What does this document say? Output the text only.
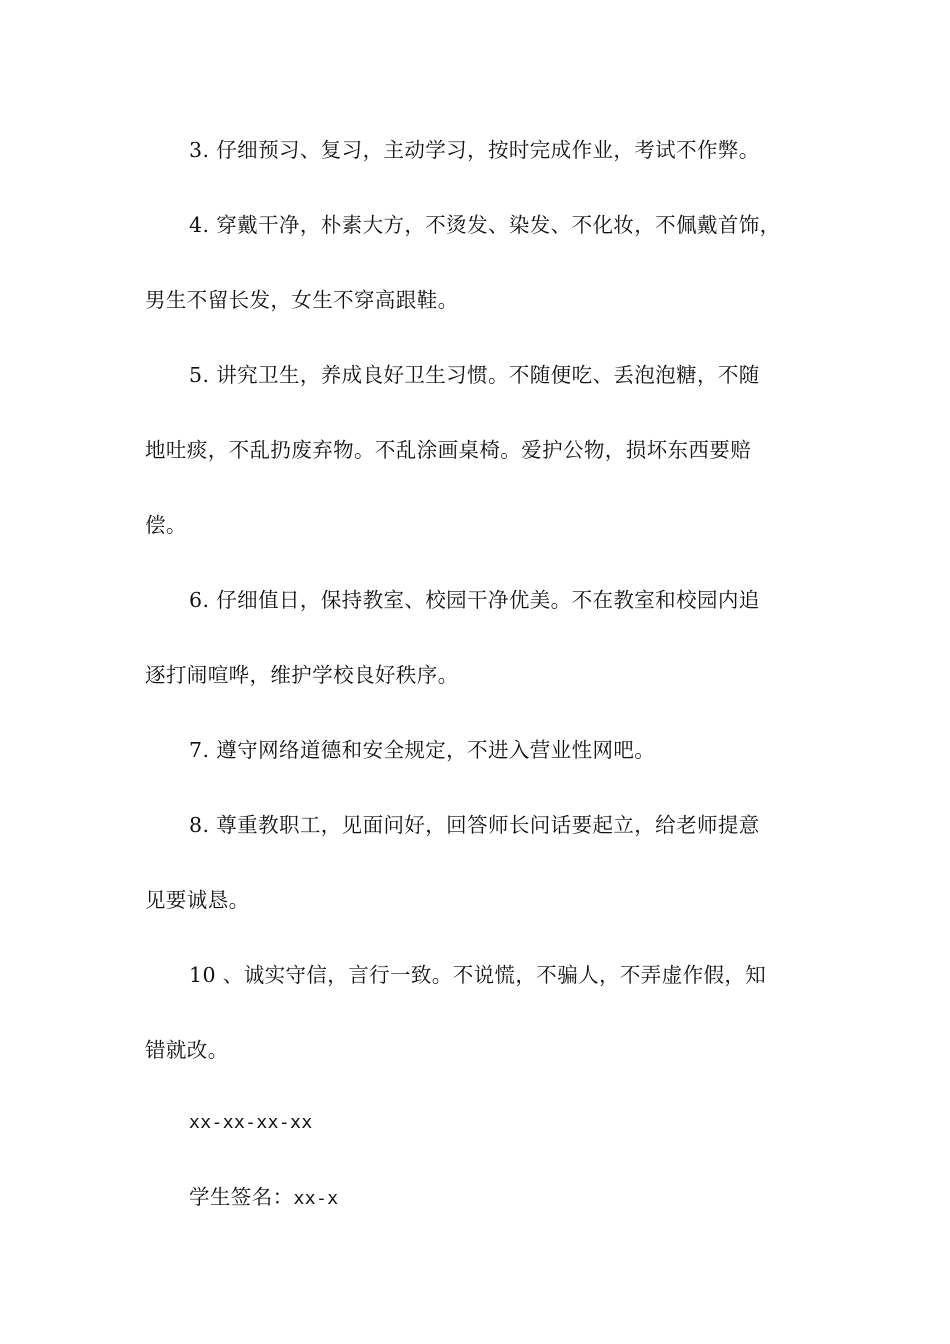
3. 仔细预习、复习，主动学习，按时完成作业，考试不作弊。

4. 穿戴干净，朴素大方，不烫发、染发、不化妆，不佩戴首饰，
男生不留长发，女生不穿高跟鞋。

5. 讲究卫生，养成良好卫生习惯。不随便吃、丢泡泡糖，不随
地吐痰，不乱扔废弃物。不乱涂画桌椅。爱护公物，损坏东西要赔
偿。

6. 仔细值日，保持教室、校园干净优美。不在教室和校园内追
逐打闹喧哗，维护学校良好秩序。

7. 遵守网络道德和安全规定，不进入营业性网吧。

8. 尊重教职工，见面问好，回答师长问话要起立，给老师提意
见要诚恳。

10 、诚实守信，言行一致。不说慌，不骗人，不弄虚作假，知
错就改。

xx-xx-xx-xx

学生签名：xx-x
